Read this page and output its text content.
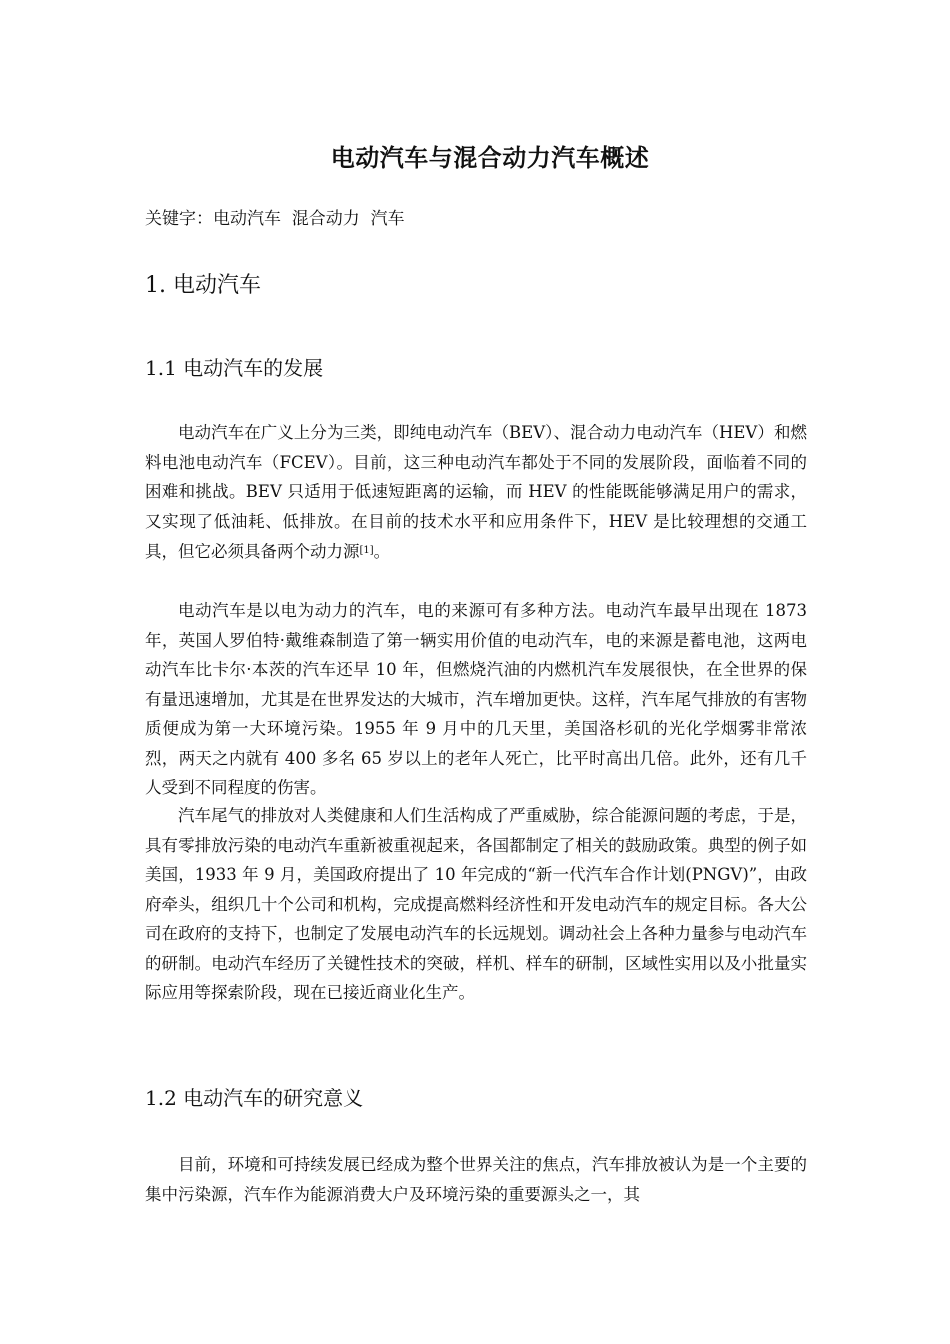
电动汽车与混合动力汽车概述
关键字：电动汽车  混合动力  汽车
1. 电动汽车
1.1 电动汽车的发展

电动汽车在广义上分为三类，即纯电动汽车（BEV）、混合动力电动汽车（HEV）和燃料电池电动汽车（FCEV）。目前，这三种电动汽车都处于不同的发展阶段，面临着不同的困难和挑战。BEV 只适用于低速短距离的运输，而 HEV 的性能既能够满足用户的需求，又实现了低油耗、低排放。在目前的技术水平和应用条件下，HEV 是比较理想的交通工具，但它必须具备两个动力源[1]。

电动汽车是以电为动力的汽车，电的来源可有多种方法。电动汽车最早出现在 1873 年，英国人罗伯特·戴维森制造了第一辆实用价值的电动汽车，电的来源是蓄电池，这两电动汽车比卡尔·本茨的汽车还早 10 年，但燃烧汽油的内燃机汽车发展很快，在全世界的保有量迅速增加，尤其是在世界发达的大城市，汽车增加更快。这样，汽车尾气排放的有害物质便成为第一大环境污染。1955 年 9 月中的几天里，美国洛杉矶的光化学烟雾非常浓烈，两天之内就有 400 多名 65 岁以上的老年人死亡，比平时高出几倍。此外，还有几千人受到不同程度的伤害。

汽车尾气的排放对人类健康和人们生活构成了严重威胁，综合能源问题的考虑，于是，具有零排放污染的电动汽车重新被重视起来，各国都制定了相关的鼓励政策。典型的例子如美国，1933 年 9 月，美国政府提出了 10 年完成的“新一代汽车合作计划(PNGV)”，由政府牵头，组织几十个公司和机构，完成提高燃料经济性和开发电动汽车的规定目标。各大公司在政府的支持下，也制定了发展电动汽车的长远规划。调动社会上各种力量参与电动汽车的研制。电动汽车经历了关键性技术的突破，样机、样车的研制，区域性实用以及小批量实际应用等探索阶段，现在已接近商业化生产。

1.2 电动汽车的研究意义

目前，环境和可持续发展已经成为整个世界关注的焦点，汽车排放被认为是一个主要的集中污染源，汽车作为能源消费大户及环境污染的重要源头之一，其
